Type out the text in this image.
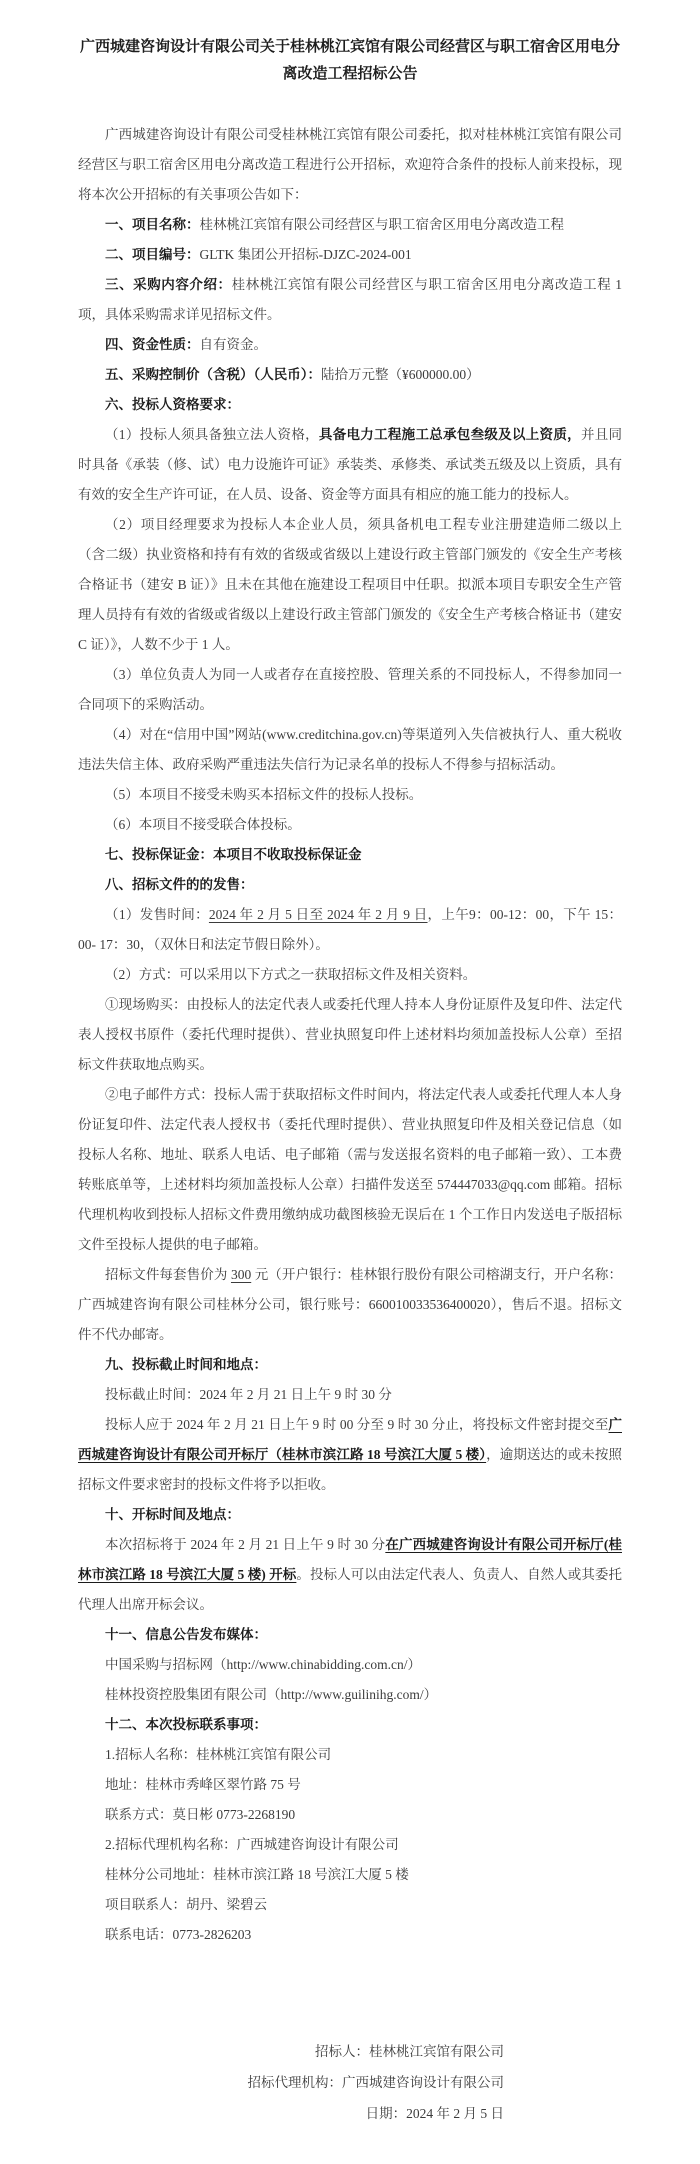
广西城建咨询设计有限公司关于桂林桃江宾馆有限公司经营区与职工宿舍区用电分离改造工程招标公告

广西城建咨询设计有限公司受桂林桃江宾馆有限公司委托，拟对桂林桃江宾馆有限公司经营区与职工宿舍区用电分离改造工程进行公开招标，欢迎符合条件的投标人前来投标，现将本次公开招标的有关事项公告如下：

一、项目名称：桂林桃江宾馆有限公司经营区与职工宿舍区用电分离改造工程

二、项目编号：GLTK 集团公开招标-DJZC-2024-001

三、采购内容介绍：桂林桃江宾馆有限公司经营区与职工宿舍区用电分离改造工程 1 项，具体采购需求详见招标文件。

四、资金性质：自有资金。

五、采购控制价（含税）（人民币）：陆拾万元整（¥600000.00）

六、投标人资格要求：

（1）投标人须具备独立法人资格，具备电力工程施工总承包叁级及以上资质，并且同时具备《承装（修、试）电力设施许可证》承装类、承修类、承试类五级及以上资质，具有有效的安全生产许可证，在人员、设备、资金等方面具有相应的施工能力的投标人。

（2）项目经理要求为投标人本企业人员，须具备机电工程专业注册建造师二级以上（含二级）执业资格和持有有效的省级或省级以上建设行政主管部门颁发的《安全生产考核合格证书（建安 B 证）》且未在其他在施建设工程项目中任职。拟派本项目专职安全生产管理人员持有有效的省级或省级以上建设行政主管部门颁发的《安全生产考核合格证书（建安 C 证）》，人数不少于 1 人。

（3）单位负责人为同一人或者存在直接控股、管理关系的不同投标人，不得参加同一合同项下的采购活动。

（4）对在“信用中国”网站(www.creditchina.gov.cn)等渠道列入失信被执行人、重大税收违法失信主体、政府采购严重违法失信行为记录名单的投标人不得参与招标活动。

（5）本项目不接受未购买本招标文件的投标人投标。

（6）本项目不接受联合体投标。

七、投标保证金：本项目不收取投标保证金

八、招标文件的的发售：

（1）发售时间：2024 年 2 月 5 日至 2024 年 2 月 9 日，上午9：00-12：00，下午 15：00- 17：30，（双休日和法定节假日除外）。

（2）方式：可以采用以下方式之一获取招标文件及相关资料。

①现场购买：由投标人的法定代表人或委托代理人持本人身份证原件及复印件、法定代表人授权书原件（委托代理时提供）、营业执照复印件上述材料均须加盖投标人公章）至招标文件获取地点购买。

②电子邮件方式：投标人需于获取招标文件时间内，将法定代表人或委托代理人本人身份证复印件、法定代表人授权书（委托代理时提供）、营业执照复印件及相关登记信息（如投标人名称、地址、联系人电话、电子邮箱（需与发送报名资料的电子邮箱一致）、工本费转账底单等，上述材料均须加盖投标人公章）扫描件发送至 574447033@qq.com 邮箱。招标代理机构收到投标人招标文件费用缴纳成功截图核验无误后在 1 个工作日内发送电子版招标文件至投标人提供的电子邮箱。

招标文件每套售价为 300 元（开户银行：桂林银行股份有限公司榕湖支行，开户名称：广西城建咨询有限公司桂林分公司，银行账号：660010033536400020），售后不退。招标文件不代办邮寄。

九、投标截止时间和地点：

投标截止时间：2024 年 2 月 21 日上午 9 时 30 分

投标人应于 2024 年 2 月 21 日上午 9 时 00 分至 9 时 30 分止，将投标文件密封提交至广西城建咨询设计有限公司开标厅（桂林市滨江路 18 号滨江大厦 5 楼），逾期送达的或未按照招标文件要求密封的投标文件将予以拒收。

十、开标时间及地点：

本次招标将于 2024 年 2 月 21 日上午 9 时 30 分在广西城建咨询设计有限公司开标厅(桂林市滨江路 18 号滨江大厦 5 楼) 开标。投标人可以由法定代表人、负责人、自然人或其委托代理人出席开标会议。

十一、信息公告发布媒体：

中国采购与招标网（http://www.chinabidding.com.cn/）

桂林投资控股集团有限公司（http://www.guilinihg.com/）

十二、本次投标联系事项：

1.招标人名称：桂林桃江宾馆有限公司

地址：桂林市秀峰区翠竹路 75 号

联系方式：莫日彬 0773-2268190

2.招标代理机构名称：广西城建咨询设计有限公司

桂林分公司地址：桂林市滨江路 18 号滨江大厦 5 楼

项目联系人：胡丹、梁碧云

联系电话：0773-2826203

招标人：桂林桃江宾馆有限公司

招标代理机构：广西城建咨询设计有限公司

日期：2024 年 2 月 5 日
